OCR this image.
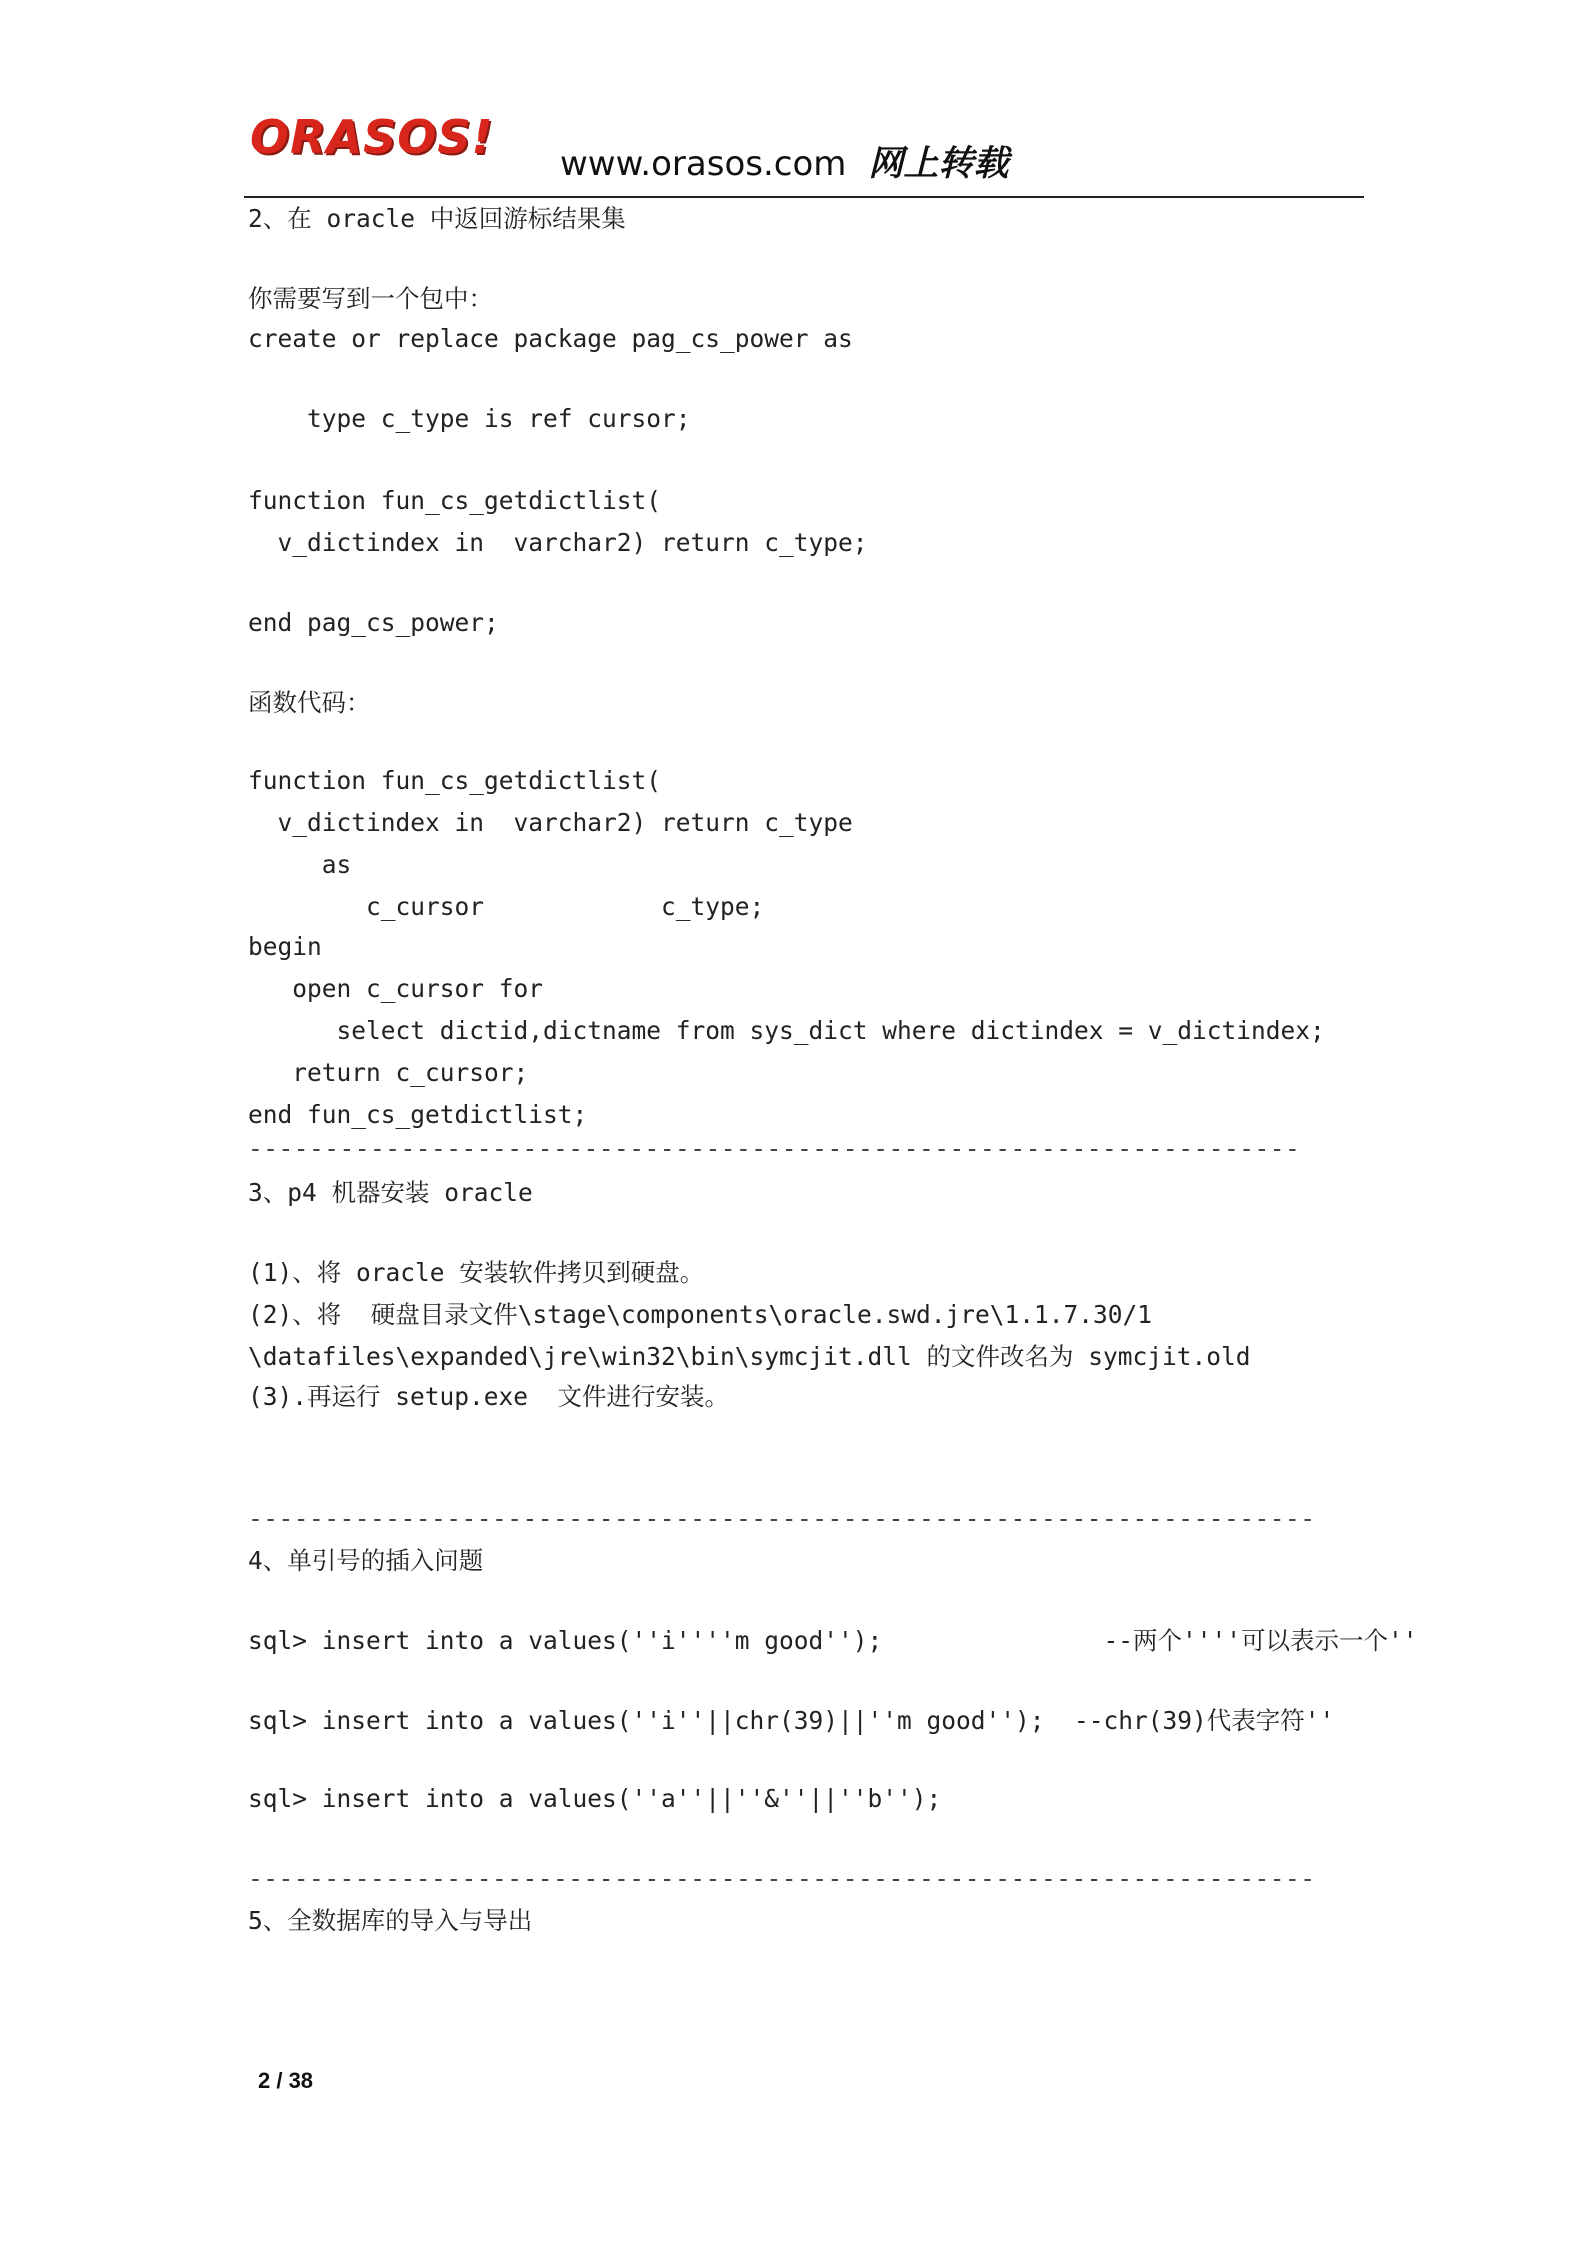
ORASOS! www.orasos.com 网上转载
2、在 oracle 中返回游标结果集
你需要写到一个包中：
create or replace package pag_cs_power as
type c_type is ref cursor;
function fun_cs_getdictlist(
v_dictindex in  varchar2) return c_type;
end pag_cs_power;
函数代码：
function fun_cs_getdictlist(
v_dictindex in  varchar2) return c_type
as
c_cursor            c_type;
begin
open c_cursor for
select dictid,dictname from sys_dict where dictindex = v_dictindex;
return c_cursor;
end fun_cs_getdictlist;
---------------------------------------------------------------------
3、p4 机器安装 oracle
(1)、将 oracle 安装软件拷贝到硬盘。
(2)、将  硬盘目录文件\stage\components\oracle.swd.jre\1.1.7.30/1
\datafiles\expanded\jre\win32\bin\symcjit.dll 的文件改名为 symcjit.old
(3).再运行 setup.exe  文件进行安装。
----------------------------------------------------------------------
4、单引号的插入问题
sql> insert into a values(''i''''m good'');               --两个''''可以表示一个''
sql> insert into a values(''i''||chr(39)||''m good'');  --chr(39)代表字符''
sql> insert into a values(''a''||''&''||''b'');
----------------------------------------------------------------------
5、全数据库的导入与导出
2 / 38
